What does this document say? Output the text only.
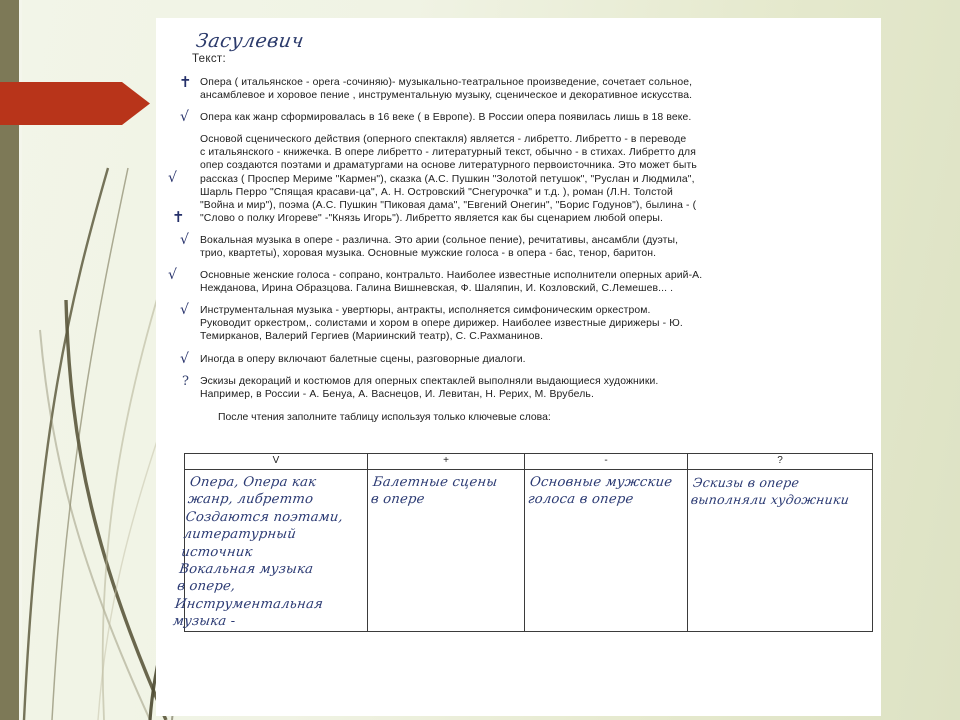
Засулевич
Текст:
✝ Опера ( итальянское - opera -сочиняю)- музыкально-театральное произведение, сочетает сольное,

ансамблевое и хоровое пение , инструментальную музыку, сценическое и декоративное искусства.

√ Опера как жанр сформировалась в 16 веке ( в Европе). В России опера появилась лишь в 18 веке.

√
✝

Основой сценического действия (оперного спектакля) является - либретто. Либретто - в переводе

с итальянского - книжечка. В опере либретто - литературный текст, обычно - в стихах. Либретто для

опер создаются поэтами и драматургами на основе литературного первоисточника. Это может быть

рассказ ( Проспер Мериме "Кармен"), сказка (А.С. Пушкин "Золотой петушок", "Руслан и Людмила",

Шарль Перро "Спящая красави-ца", А. Н. Островский "Снегурочка" и т.д. ), роман (Л.Н. Толстой

"Война и мир"), поэма (А.С. Пушкин "Пиковая дама", "Евгений Онегин", "Борис Годунов"), былина - (

"Слово о полку Игореве" -"Князь Игорь"). Либретто является как бы сценарием любой оперы.

√ Вокальная музыка в опере - различна. Это арии (сольное пение), речитативы, ансамбли (дуэты,

трио, квартеты), хоровая музыка. Основные мужские голоса - в опера - бас, тенор, баритон.

√ Основные женские голоса - сопрано, контральто. Наиболее известные исполнители оперных арий-А.

Нежданова, Ирина Образцова. Галина Вишневская, Ф. Шаляпин, И. Козловский, С.Лемешев... .

√ Инструментальная музыка - увертюры, антракты, исполняется симфоническим оркестром.

Руководит оркестром,. солистами и хором в опере дирижер. Наиболее известные дирижеры - Ю.

Темирканов, Валерий Гергиев (Мариинский театр), С. С.Рахманинов.

√ Иногда в оперу включают балетные сцены, разговорные диалоги.

? Эскизы декораций и костюмов для оперных спектаклей выполняли выдающиеся художники.

Например, в России - А. Бенуа, А. Васнецов, И. Левитан, Н. Рерих, М. Врубель.

После чтения заполните таблицу используя только ключевые слова:
V	+	-	?

Опера, Опера как
жанр, либретто
Создаются поэтами,
литературный источник
Вокальная музыка
в опере, Инструментальная
музыка -

Балетные сцены
в опере

Основные мужские
голоса в опере

Эскизы в опере
выполняли художники
